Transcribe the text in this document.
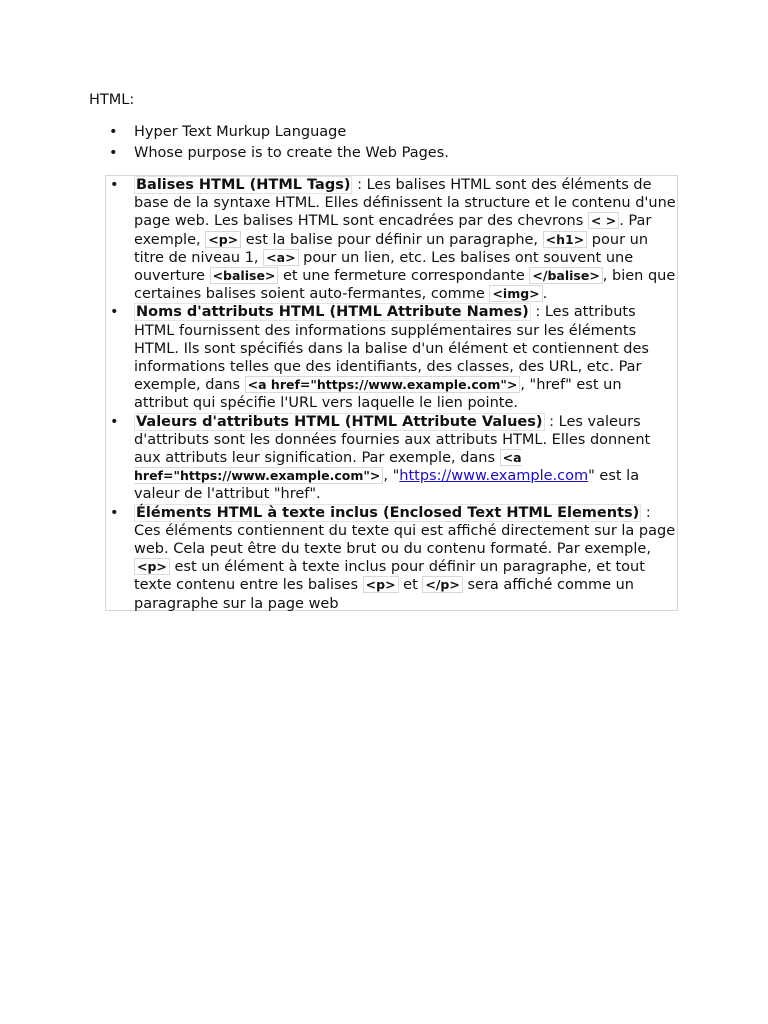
HTML:

• Hyper Text Murkup Language
• Whose purpose is to create the Web Pages.
• Balises HTML (HTML Tags) : Les balises HTML sont des éléments de base de la syntaxe HTML. Elles définissent la structure et le contenu d'une page web. Les balises HTML sont encadrées par des chevrons < > . Par exemple, <p> est la balise pour définir un paragraphe, <h1> pour un titre de niveau 1, <a> pour un lien, etc. Les balises ont souvent une ouverture <balise> et une fermeture correspondante </balise> , bien que certaines balises soient auto-fermantes, comme <img> .
• Noms d'attributs HTML (HTML Attribute Names) : Les attributs HTML fournissent des informations supplémentaires sur les éléments HTML. Ils sont spécifiés dans la balise d'un élément et contiennent des informations telles que des identifiants, des classes, des URL, etc. Par exemple, dans <a href="https://www.example.com"> , "href" est un attribut qui spécifie l'URL vers laquelle le lien pointe.
• Valeurs d'attributs HTML (HTML Attribute Values) : Les valeurs d'attributs sont les données fournies aux attributs HTML. Elles donnent aux attributs leur signification. Par exemple, dans <a href="https://www.example.com"> , "https://www.example.com" est la valeur de l'attribut "href".
• Éléments HTML à texte inclus (Enclosed Text HTML Elements) : Ces éléments contiennent du texte qui est affiché directement sur la page web. Cela peut être du texte brut ou du contenu formaté. Par exemple, <p> est un élément à texte inclus pour définir un paragraphe, et tout texte contenu entre les balises <p> et </p> sera affiché comme un paragraphe sur la page web
